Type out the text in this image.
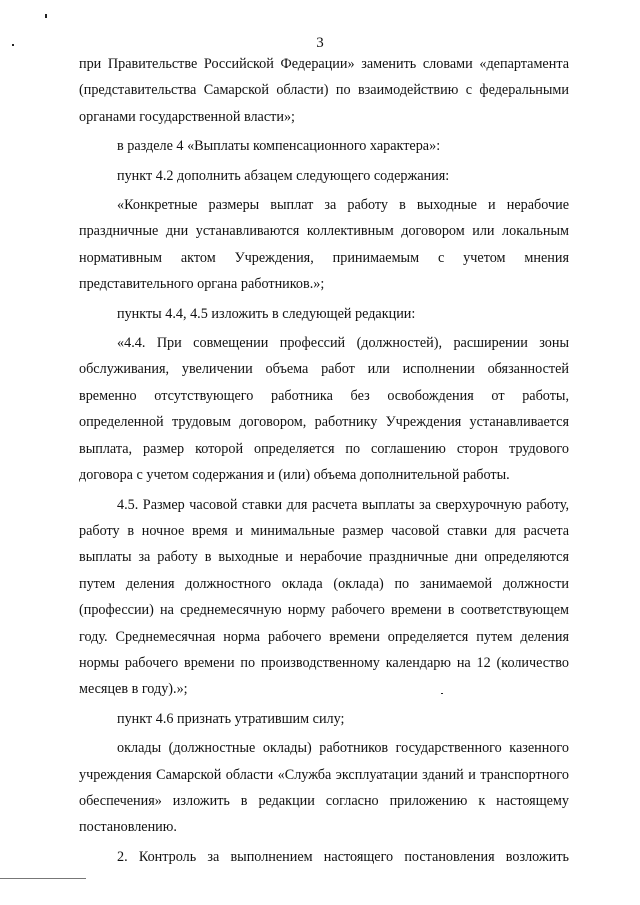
3

при Правительстве Российской Федерации» заменить словами «департамента (представительства Самарской области) по взаимодействию с федеральными органами государственной власти»;

в разделе 4 «Выплаты компенсационного характера»:

пункт 4.2 дополнить абзацем следующего содержания:

«Конкретные размеры выплат за работу в выходные и нерабочие праздничные дни устанавливаются коллективным договором или локальным нормативным актом Учреждения, принимаемым с учетом мнения представительного органа работников.»;

пункты 4.4, 4.5 изложить в следующей редакции:

«4.4. При совмещении профессий (должностей), расширении зоны обслуживания, увеличении объема работ или исполнении обязанностей временно отсутствующего работника без освобождения от работы, определенной трудовым договором, работнику Учреждения устанавливается выплата, размер которой определяется по соглашению сторон трудового договора с учетом содержания и (или) объема дополнительной работы.

4.5. Размер часовой ставки для расчета выплаты за сверхурочную работу, работу в ночное время и минимальные размер часовой ставки для расчета выплаты за работу в выходные и нерабочие праздничные дни определяются путем деления должностного оклада (оклада) по занимаемой должности (профессии) на среднемесячную норму рабочего времени в соответствующем году. Среднемесячная норма рабочего времени определяется путем деления нормы рабочего времени по производственному календарю на 12 (количество месяцев в году).»;

пункт 4.6 признать утратившим силу;

оклады (должностные оклады) работников государственного казенного учреждения Самарской области «Служба эксплуатации зданий и транспортного обеспечения» изложить в редакции согласно приложению к настоящему постановлению.

2. Контроль за выполнением настоящего постановления возложить
